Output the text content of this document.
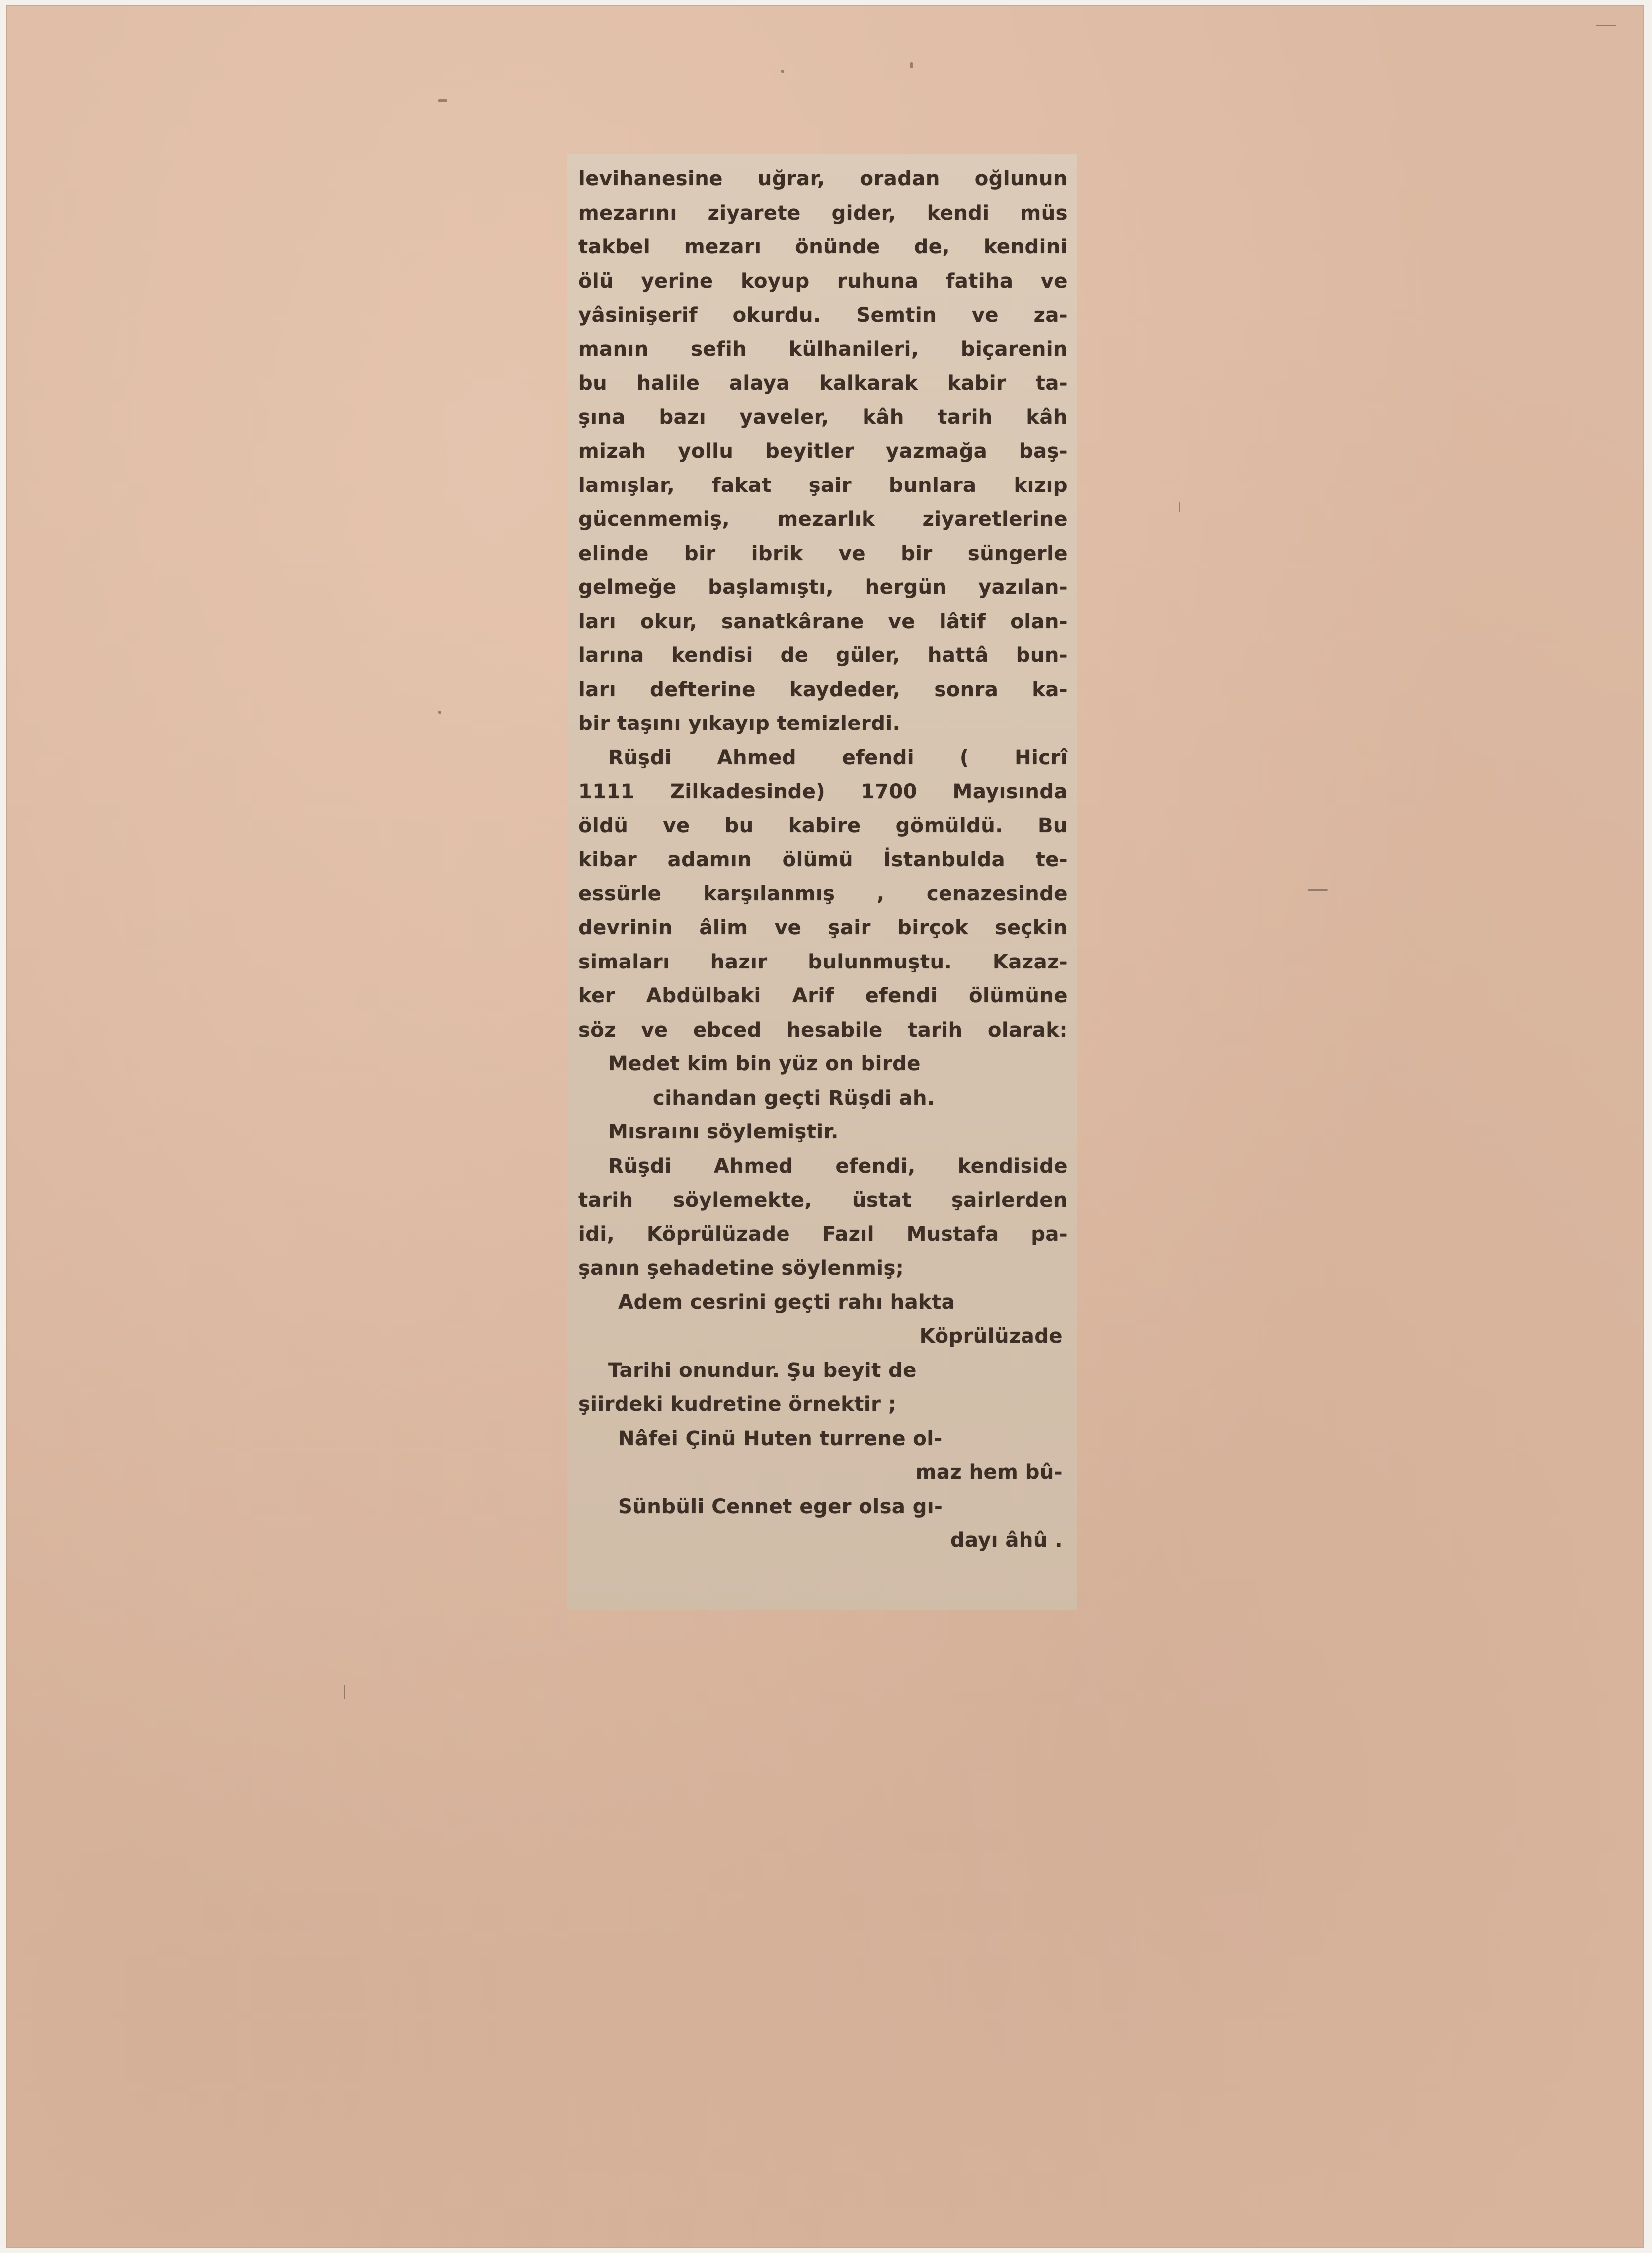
levihanesine uğrar, oradan oğlunun
mezarını ziyarete gider, kendi müs
takbel mezarı önünde de, kendini
ölü yerine koyup ruhuna fatiha ve
yâsinişerif okurdu. Semtin ve za-
manın sefih külhanileri, biçarenin
bu halile alaya kalkarak kabir ta-
şına bazı yaveler, kâh tarih kâh
mizah yollu beyitler yazmağa baş-
lamışlar, fakat şair bunlara kızıp
gücenmemiş, mezarlık ziyaretlerine
elinde bir ibrik ve bir süngerle
gelmeğe başlamıştı, hergün yazılan-
ları okur, sanatkârane ve lâtif olan-
larına kendisi de güler, hattâ bun-
ları defterine kaydeder, sonra ka-
bir taşını yıkayıp temizlerdi.
Rüşdi Ahmed efendi ( Hicrî
1111 Zilkadesinde) 1700 Mayısında
öldü ve bu kabire gömüldü. Bu
kibar adamın ölümü İstanbulda te-
essürle karşılanmış , cenazesinde
devrinin âlim ve şair birçok seçkin
simaları hazır bulunmuştu. Kazaz-
ker Abdülbaki Arif efendi ölümüne
söz ve ebced hesabile tarih olarak:
Medet kim bin yüz on birde
cihandan geçti Rüşdi ah.
Mısraını söylemiştir.
Rüşdi Ahmed efendi, kendiside
tarih söylemekte, üstat şairlerden
idi, Köprülüzade Fazıl Mustafa pa-
şanın şehadetine söylenmiş;
Adem cesrini geçti rahı hakta
Köprülüzade
Tarihi onundur. Şu beyit de
şiirdeki kudretine örnektir ;
Nâfei Çinü Huten turrene ol-
maz hem bû-
Sünbüli Cennet eger olsa gı-
dayı âhû .
